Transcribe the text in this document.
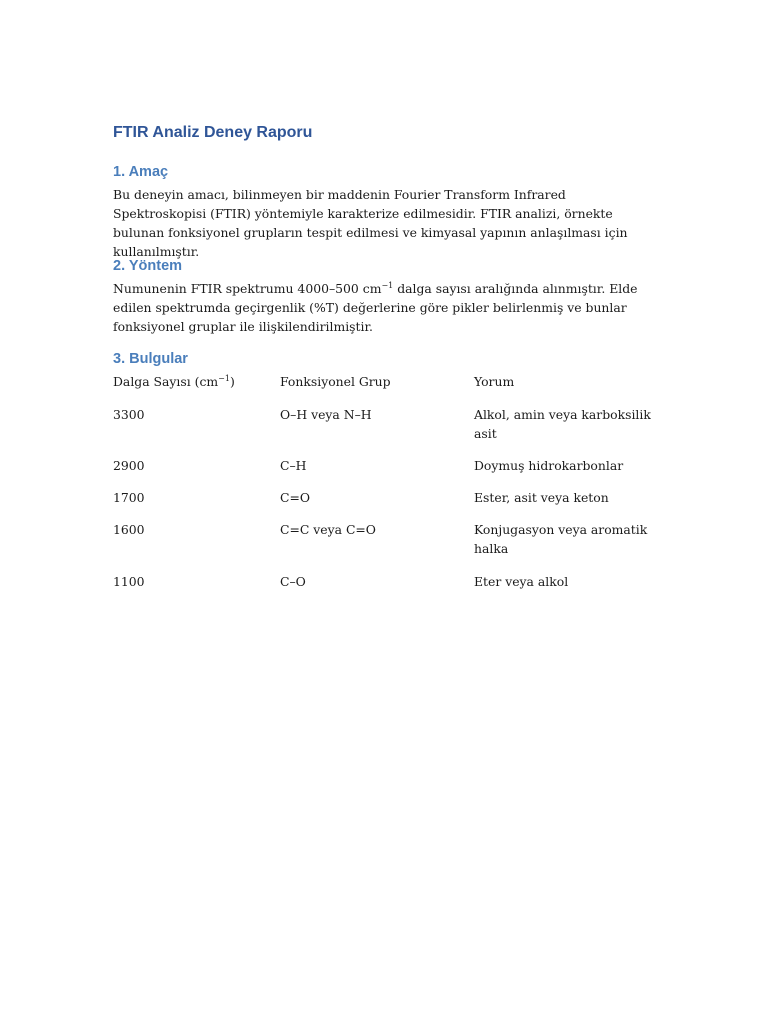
FTIR Analiz Deney Raporu
1. Amaç

Bu deneyin amacı, bilinmeyen bir maddenin Fourier Transform Infrared Spektroskopisi (FTIR) yöntemiyle karakterize edilmesidir. FTIR analizi, örnekte bulunan fonksiyonel grupların tespit edilmesi ve kimyasal yapının anlaşılması için kullanılmıştır.

2. Yöntem

Numunenin FTIR spektrumu 4000–500 $cm^{-1}$ dalga sayısı aralığında alınmıştır. Elde edilen spektrumda geçirgenlik (%T) değerlerine göre pikler belirlenmiş ve bunlar fonksiyonel gruplar ile ilişkilendirilmiştir.

3. Bulgular
Dalga Sayısı $(cm^{-1})$	Fonksiyonel Grup	Yorum
3300	O–H veya N–H	Alkol, amin veya karboksilik asit
2900	C–H	Doymuş hidrokarbonlar
1700	C=O	Ester, asit veya keton
1600	C=C veya C=O	Konjugasyon veya aromatik halka
1100	C–O	Eter veya alkol
